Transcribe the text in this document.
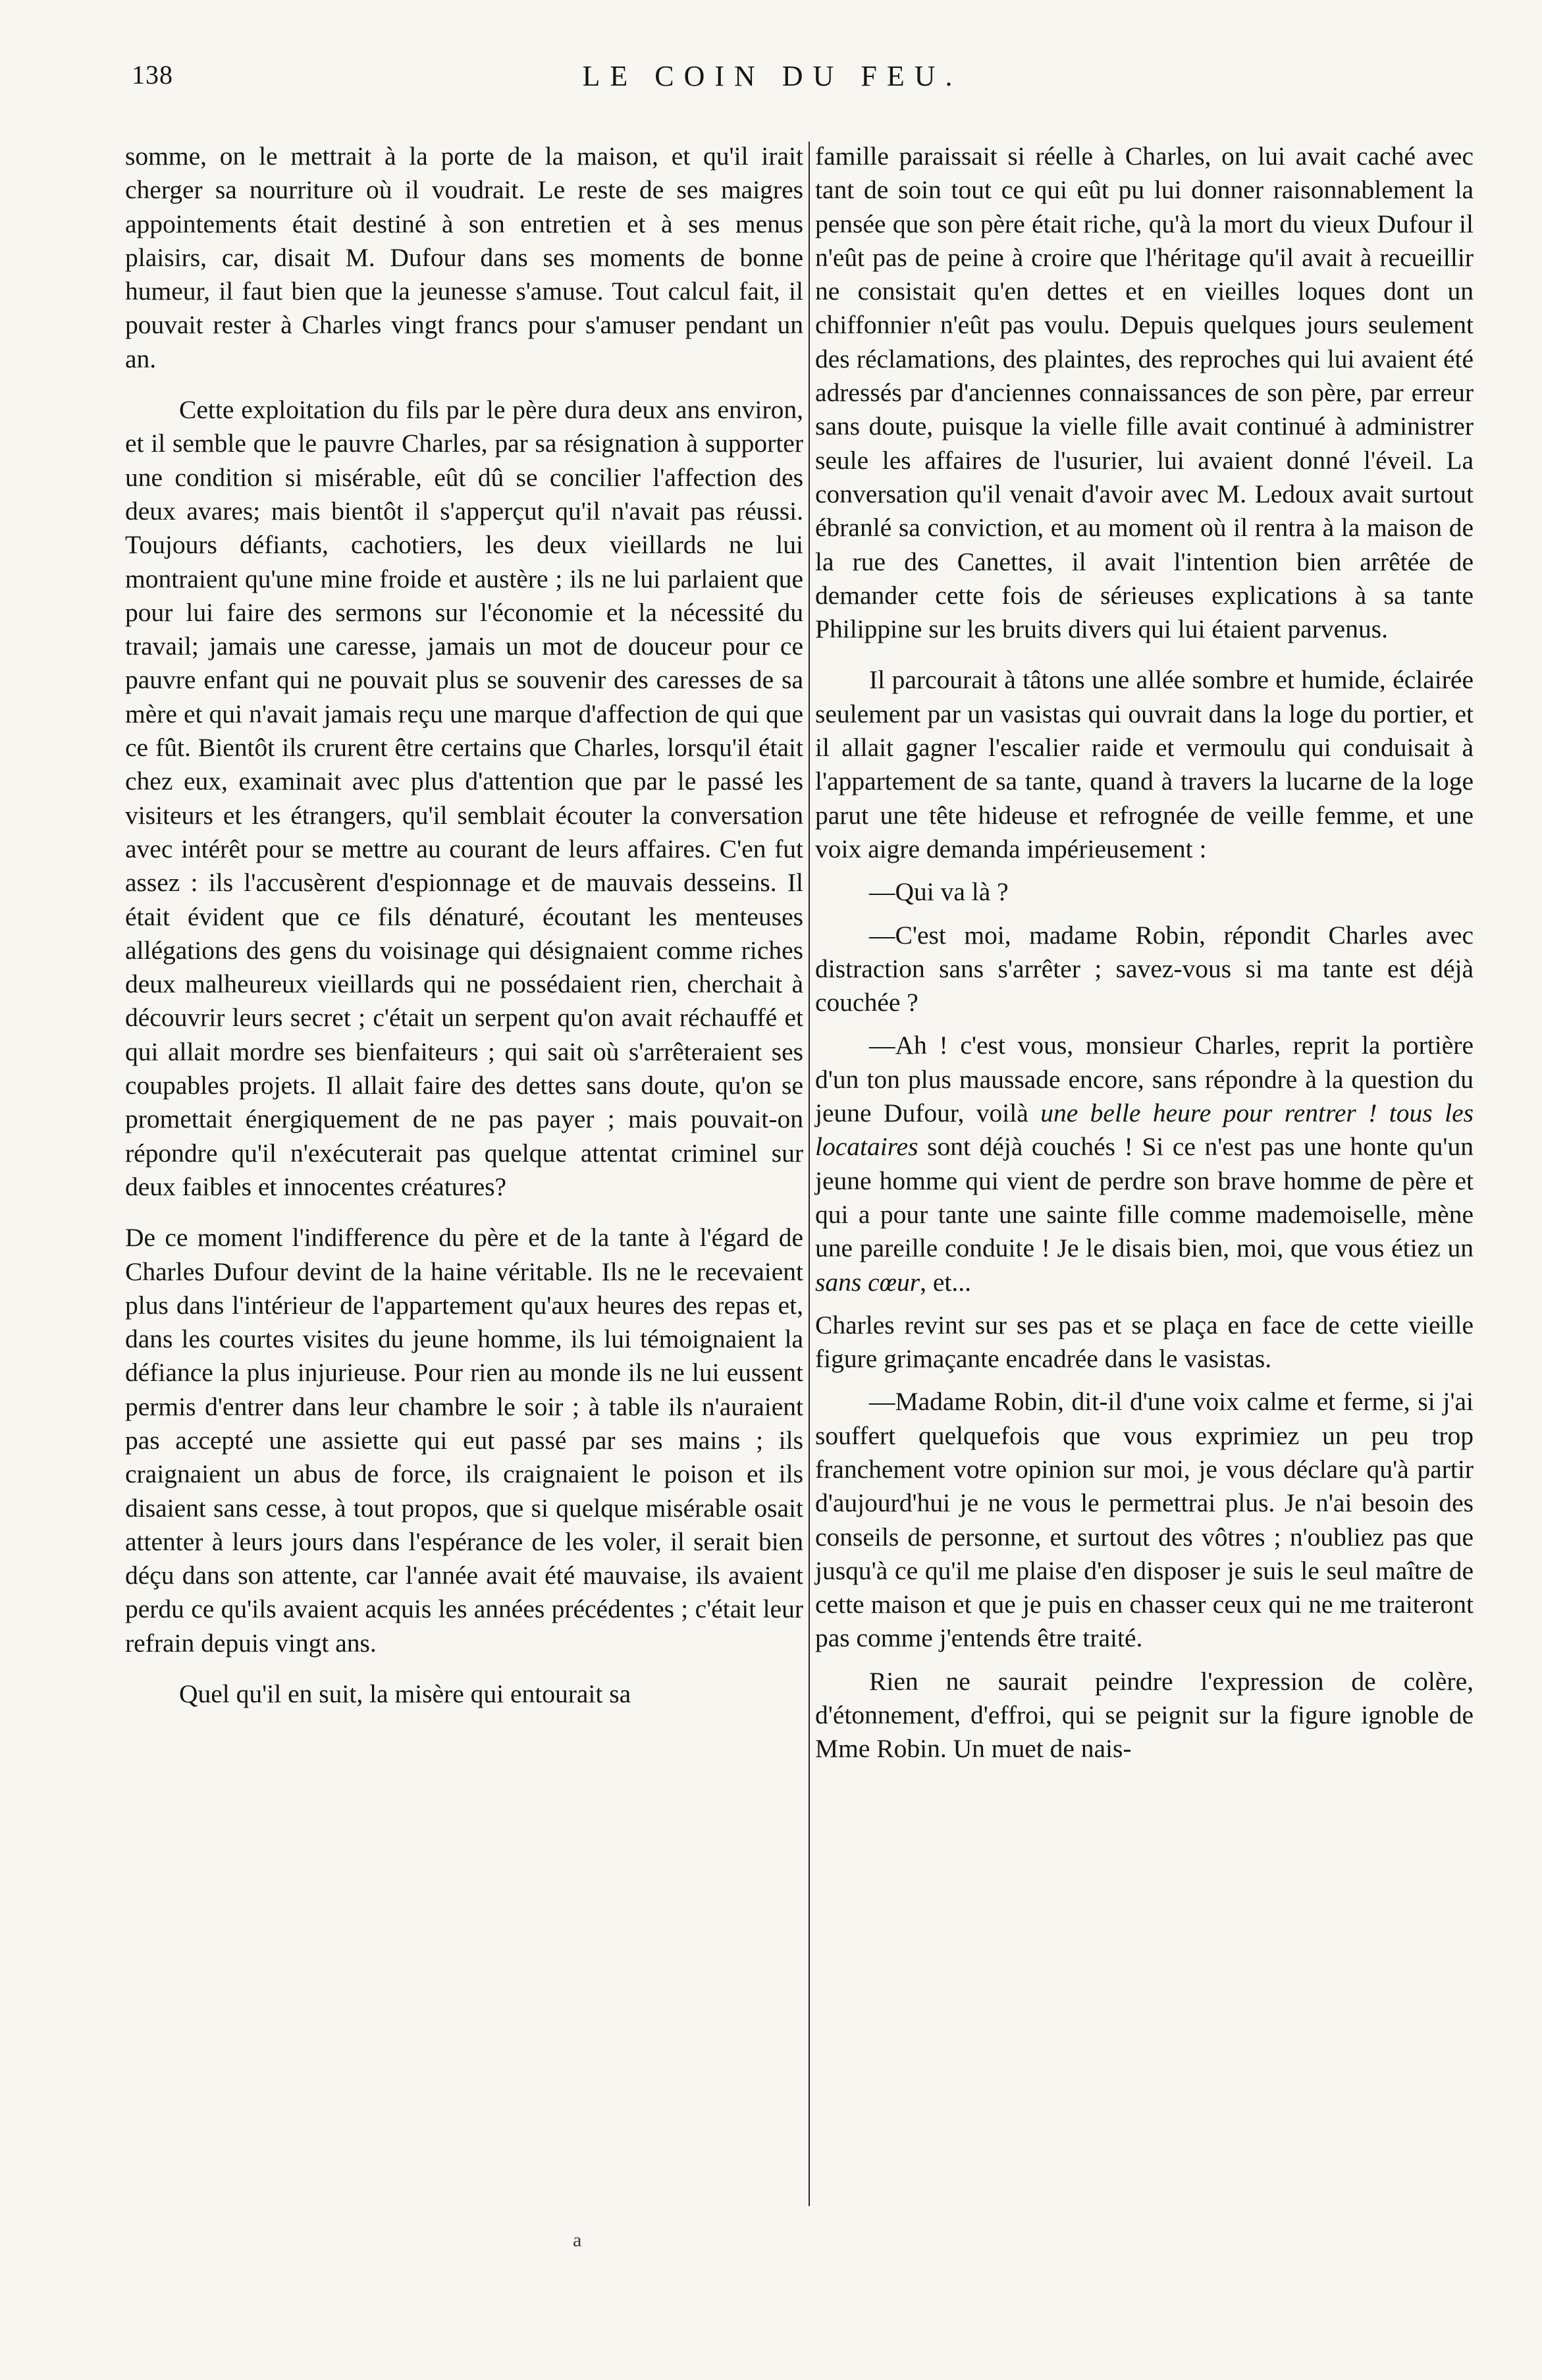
138	LE COIN DU FEU.

somme, on le mettrait à la porte de la maison, et qu'il irait cherger sa nourriture où il voudrait. Le reste de ses maigres appointements était destiné à son entretien et à ses menus plaisirs, car, disait M. Dufour dans ses moments de bonne humeur, il faut bien que la jeunesse s'amuse. Tout calcul fait, il pouvait rester à Charles vingt francs pour s'amuser pendant un an.

Cette exploitation du fils par le père dura deux ans environ, et il semble que le pauvre Charles, par sa résignation à supporter une condition si misérable, eût dû se concilier l'affection des deux avares; mais bientôt il s'apperçut qu'il n'avait pas réussi. Toujours défiants, cachotiers, les deux vieillards ne lui montraient qu'une mine froide et austère ; ils ne lui parlaient que pour lui faire des sermons sur l'économie et la nécessité du travail; jamais une caresse, jamais un mot de douceur pour ce pauvre enfant qui ne pouvait plus se souvenir des caresses de sa mère et qui n'avait jamais reçu une marque d'affection de qui que ce fût. Bientôt ils crurent être certains que Charles, lorsqu'il était chez eux, examinait avec plus d'attention que par le passé les visiteurs et les étrangers, qu'il semblait écouter la conversation avec intérêt pour se mettre au courant de leurs affaires. C'en fut assez : ils l'accusèrent d'espionnage et de mauvais desseins. Il était évident que ce fils dénaturé, écoutant les menteuses allégations des gens du voisinage qui désignaient comme riches deux malheureux vieillards qui ne possédaient rien, cherchait à découvrir leurs secret ; c'était un serpent qu'on avait réchauffé et qui allait mordre ses bienfaiteurs ; qui sait où s'arrêteraient ses coupables projets. Il allait faire des dettes sans doute, qu'on se promettait énergiquement de ne pas payer ; mais pouvait-on répondre qu'il n'exécuterait pas quelque attentat criminel sur deux faibles et innocentes créatures?

De ce moment l'indifference du père et de la tante à l'égard de Charles Dufour devint de la haine véritable. Ils ne le recevaient plus dans l'intérieur de l'appartement qu'aux heures des repas et, dans les courtes visites du jeune homme, ils lui témoignaient la défiance la plus injurieuse. Pour rien au monde ils ne lui eussent permis d'entrer dans leur chambre le soir ; à table ils n'auraient pas accepté une assiette qui eut passé par ses mains ; ils craignaient un abus de force, ils craignaient le poison et ils disaient sans cesse, à tout propos, que si quelque misérable osait attenter à leurs jours dans l'espérance de les voler, il serait bien déçu dans son attente, car l'année avait été mauvaise, ils avaient perdu ce qu'ils avaient acquis les années précédentes ; c'était leur refrain depuis vingt ans.

Quel qu'il en suit, la misère qui entourait sa

famille paraissait si réelle à Charles, on lui avait caché avec tant de soin tout ce qui eût pu lui donner raisonnablement la pensée que son père était riche, qu'à la mort du vieux Dufour il n'eût pas de peine à croire que l'héritage qu'il avait à recueillir ne consistait qu'en dettes et en vieilles loques dont un chiffonnier n'eût pas voulu. Depuis quelques jours seulement des réclamations, des plaintes, des reproches qui lui avaient été adressés par d'anciennes connaissances de son père, par erreur sans doute, puisque la vielle fille avait continué à administrer seule les affaires de l'usurier, lui avaient donné l'éveil. La conversation qu'il venait d'avoir avec M. Ledoux avait surtout ébranlé sa conviction, et au moment où il rentra à la maison de la rue des Canettes, il avait l'intention bien arrêtée de demander cette fois de sérieuses explications à sa tante Philippine sur les bruits divers qui lui étaient parvenus.

Il parcourait à tâtons une allée sombre et humide, éclairée seulement par un vasistas qui ouvrait dans la loge du portier, et il allait gagner l'escalier raide et vermoulu qui conduisait à l'appartement de sa tante, quand à travers la lucarne de la loge parut une tête hideuse et refrognée de veille femme, et une voix aigre demanda impérieusement :

—Qui va là ?

—C'est moi, madame Robin, répondit Charles avec distraction sans s'arrêter ; savez-vous si ma tante est déjà couchée ?

—Ah ! c'est vous, monsieur Charles, reprit la portière d'un ton plus maussade encore, sans répondre à la question du jeune Dufour, voilà une belle heure pour rentrer ! tous les locataires sont déjà couchés ! Si ce n'est pas une honte qu'un jeune homme qui vient de perdre son brave homme de père et qui a pour tante une sainte fille comme mademoiselle, mène une pareille conduite ! Je le disais bien, moi, que vous étiez un sans cœur, et...

Charles revint sur ses pas et se plaça en face de cette vieille figure grimaçante encadrée dans le vasistas.

—Madame Robin, dit-il d'une voix calme et ferme, si j'ai souffert quelquefois que vous exprimiez un peu trop franchement votre opinion sur moi, je vous déclare qu'à partir d'aujourd'hui je ne vous le permettrai plus. Je n'ai besoin des conseils de personne, et surtout des vôtres ; n'oubliez pas que jusqu'à ce qu'il me plaise d'en disposer je suis le seul maître de cette maison et que je puis en chasser ceux qui ne me traiteront pas comme j'entends être traité.

Rien ne saurait peindre l'expression de colère, d'étonnement, d'effroi, qui se peignit sur la figure ignoble de Mme Robin. Un muet de nais-

a
